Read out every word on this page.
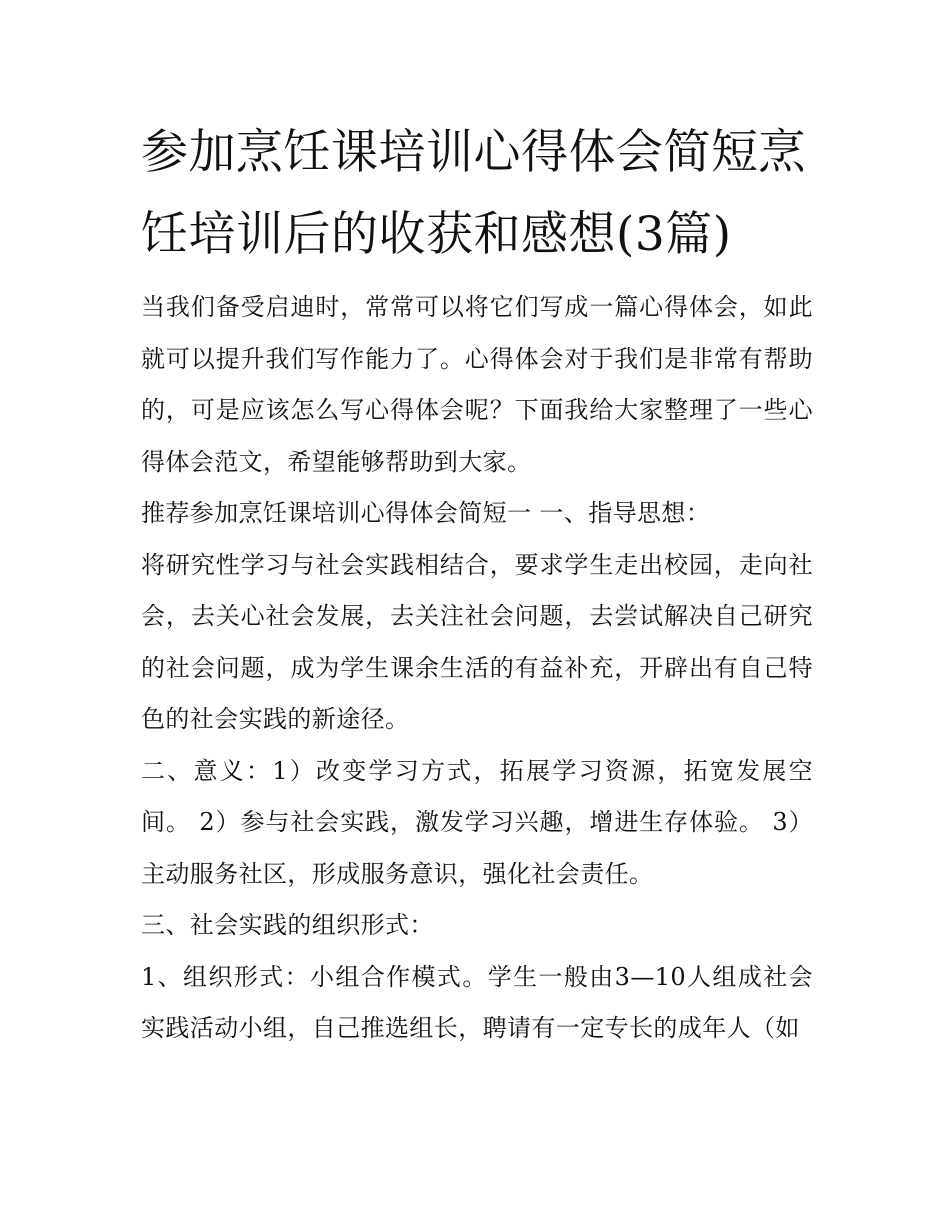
参加烹饪课培训心得体会简短烹饪培训后的收获和感想(3篇)

当我们备受启迪时，常常可以将它们写成一篇心得体会，如此就可以提升我们写作能力了。心得体会对于我们是非常有帮助的，可是应该怎么写心得体会呢？下面我给大家整理了一些心得体会范文，希望能够帮助到大家。

推荐参加烹饪课培训心得体会简短一 一、指导思想：

将研究性学习与社会实践相结合，要求学生走出校园，走向社会，去关心社会发展，去关注社会问题，去尝试解决自己研究的社会问题，成为学生课余生活的有益补充，开辟出有自己特色的社会实践的新途径。

二、意义：1）改变学习方式，拓展学习资源，拓宽发展空间。 2）参与社会实践，激发学习兴趣，增进生存体验。 3）主动服务社区，形成服务意识，强化社会责任。

三、社会实践的组织形式：

1、组织形式：小组合作模式。学生一般由3—10人组成社会实践活动小组，自己推选组长，聘请有一定专长的成年人（如
